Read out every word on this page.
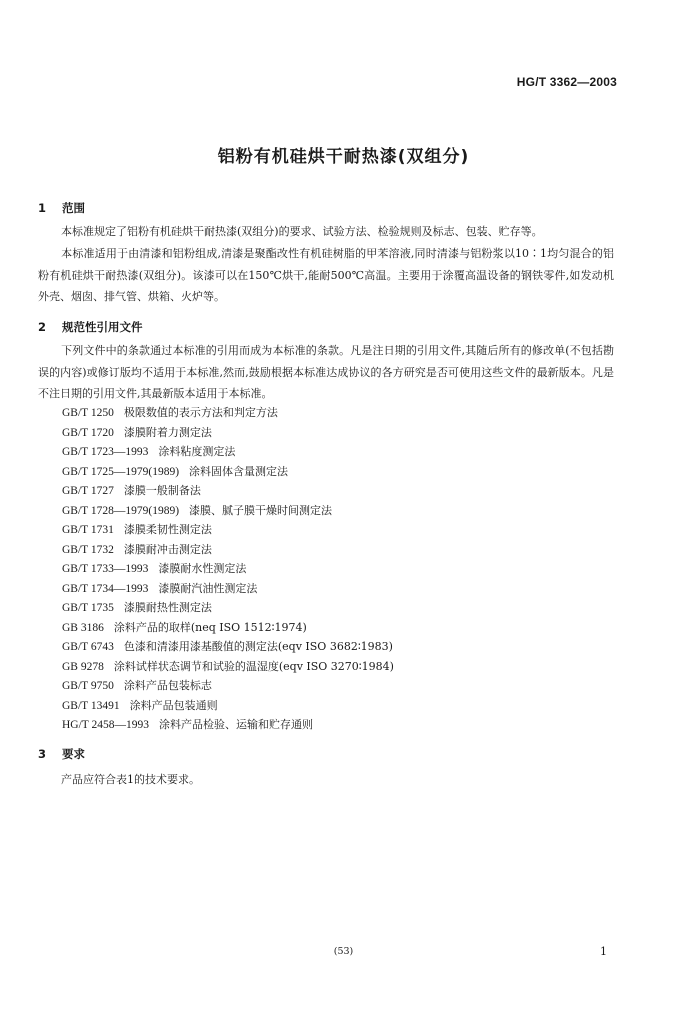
HG/T 3362—2003
铝粉有机硅烘干耐热漆(双组分)
1 范围
本标准规定了铝粉有机硅烘干耐热漆(双组分)的要求、试验方法、检验规则及标志、包装、贮存等。
本标准适用于由清漆和铝粉组成,清漆是聚酯改性有机硅树脂的甲苯溶液,同时清漆与铝粉浆以10∶1均匀混合的铝粉有机硅烘干耐热漆(双组分)。该漆可以在150℃烘干,能耐500℃高温。主要用于涂覆高温设备的钢铁零件,如发动机外壳、烟囱、排气管、烘箱、火炉等。
2 规范性引用文件
下列文件中的条款通过本标准的引用而成为本标准的条款。凡是注日期的引用文件,其随后所有的修改单(不包括勘误的内容)或修订版均不适用于本标准,然而,鼓励根据本标准达成协议的各方研究是否可使用这些文件的最新版本。凡是不注日期的引用文件,其最新版本适用于本标准。
GB/T 1250 极限数值的表示方法和判定方法
GB/T 1720 漆膜附着力测定法
GB/T 1723—1993 涂料粘度测定法
GB/T 1725—1979(1989) 涂料固体含量测定法
GB/T 1727 漆膜一般制备法
GB/T 1728—1979(1989) 漆膜、腻子膜干燥时间测定法
GB/T 1731 漆膜柔韧性测定法
GB/T 1732 漆膜耐冲击测定法
GB/T 1733—1993 漆膜耐水性测定法
GB/T 1734—1993 漆膜耐汽油性测定法
GB/T 1735 漆膜耐热性测定法
GB 3186 涂料产品的取样(neq ISO 1512∶1974)
GB/T 6743 色漆和清漆用漆基酸值的测定法(eqv ISO 3682∶1983)
GB 9278 涂料试样状态调节和试验的温湿度(eqv ISO 3270∶1984)
GB/T 9750 涂料产品包装标志
GB/T 13491 涂料产品包装通则
HG/T 2458—1993 涂料产品检验、运输和贮存通则
3 要求
产品应符合表1的技术要求。
(53)	1
